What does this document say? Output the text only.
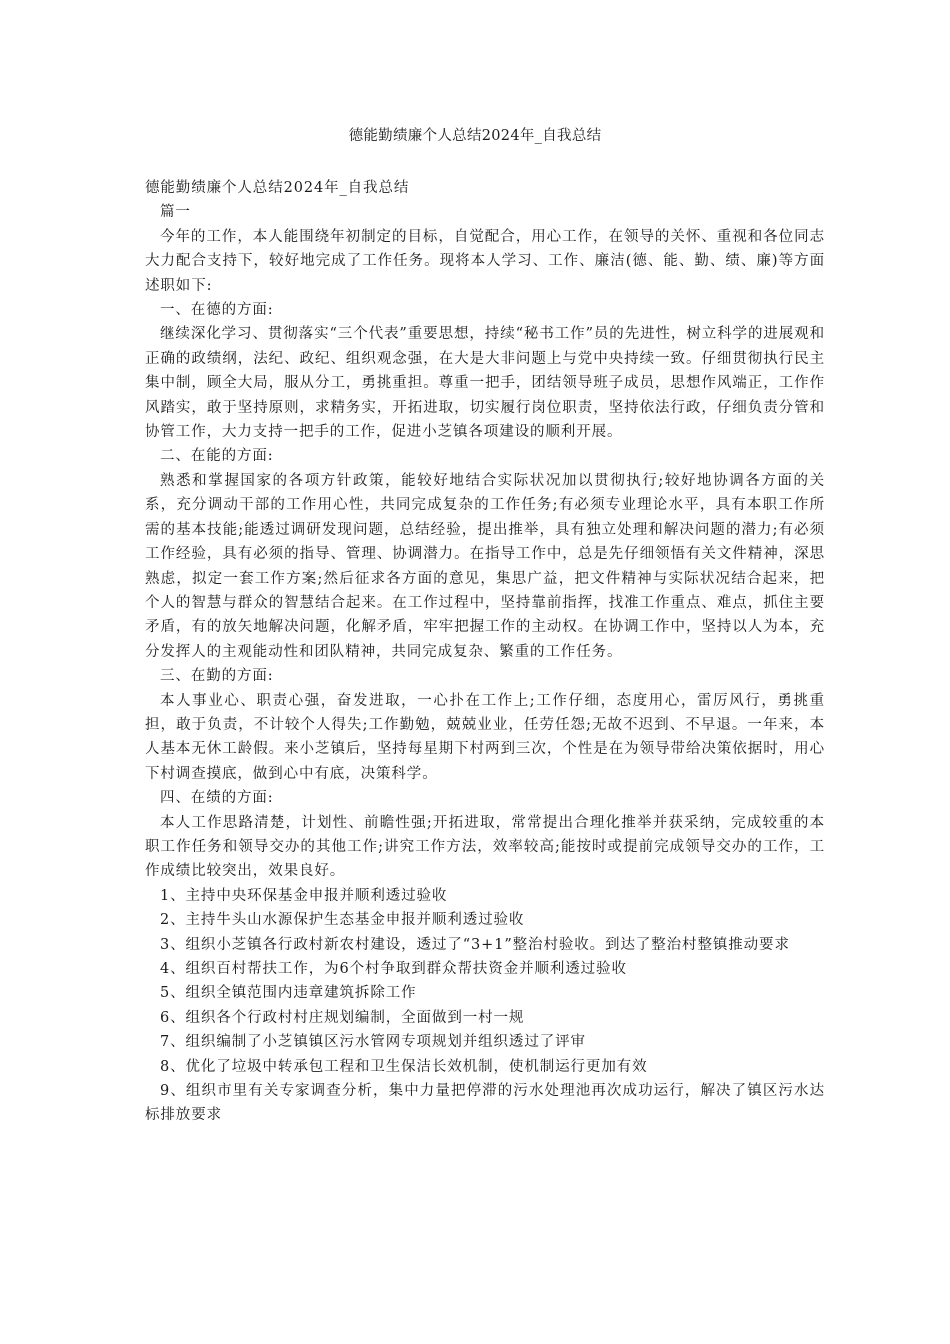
德能勤绩廉个人总结2024年_自我总结

德能勤绩廉个人总结2024年_自我总结

篇一

今年的工作，本人能围绕年初制定的目标，自觉配合，用心工作，在领导的关怀、重视和各位同志大力配合支持下，较好地完成了工作任务。现将本人学习、工作、廉洁(德、能、勤、绩、廉)等方面述职如下:

一、在德的方面:

继续深化学习、贯彻落实“三个代表”重要思想，持续“秘书工作”员的先进性，树立科学的进展观和正确的政绩纲，法纪、政纪、组织观念强，在大是大非问题上与党中央持续一致。仔细贯彻执行民主集中制，顾全大局，服从分工，勇挑重担。尊重一把手，团结领导班子成员，思想作风端正，工作作风踏实，敢于坚持原则，求精务实，开拓进取，切实履行岗位职责，坚持依法行政，仔细负责分管和协管工作，大力支持一把手的工作，促进小芝镇各项建设的顺利开展。

二、在能的方面:

熟悉和掌握国家的各项方针政策，能较好地结合实际状况加以贯彻执行;较好地协调各方面的关系，充分调动干部的工作用心性，共同完成复杂的工作任务;有必须专业理论水平，具有本职工作所需的基本技能;能透过调研发现问题，总结经验，提出推举，具有独立处理和解决问题的潜力;有必须工作经验，具有必须的指导、管理、协调潜力。在指导工作中，总是先仔细领悟有关文件精神，深思熟虑，拟定一套工作方案;然后征求各方面的意见，集思广益，把文件精神与实际状况结合起来，把个人的智慧与群众的智慧结合起来。在工作过程中，坚持靠前指挥，找准工作重点、难点，抓住主要矛盾，有的放矢地解决问题，化解矛盾，牢牢把握工作的主动权。在协调工作中，坚持以人为本，充分发挥人的主观能动性和团队精神，共同完成复杂、繁重的工作任务。

三、在勤的方面:

本人事业心、职责心强，奋发进取，一心扑在工作上;工作仔细，态度用心，雷厉风行，勇挑重担，敢于负责，不计较个人得失;工作勤勉，兢兢业业，任劳任怨;无故不迟到、不早退。一年来，本人基本无休工龄假。来小芝镇后，坚持每星期下村两到三次，个性是在为领导带给决策依据时，用心下村调查摸底，做到心中有底，决策科学。

四、在绩的方面:

本人工作思路清楚，计划性、前瞻性强;开拓进取，常常提出合理化推举并获采纳，完成较重的本职工作任务和领导交办的其他工作;讲究工作方法，效率较高;能按时或提前完成领导交办的工作，工作成绩比较突出，效果良好。

1、主持中央环保基金申报并顺利透过验收

2、主持牛头山水源保护生态基金申报并顺利透过验收

3、组织小芝镇各行政村新农村建设，透过了“3+1”整治村验收。到达了整治村整镇推动要求

4、组织百村帮扶工作，为6个村争取到群众帮扶资金并顺利透过验收

5、组织全镇范围内违章建筑拆除工作

6、组织各个行政村村庄规划编制，全面做到一村一规

7、组织编制了小芝镇镇区污水管网专项规划并组织透过了评审

8、优化了垃圾中转承包工程和卫生保洁长效机制，使机制运行更加有效

9、组织市里有关专家调查分析，集中力量把停滞的污水处理池再次成功运行，解决了镇区污水达标排放要求
